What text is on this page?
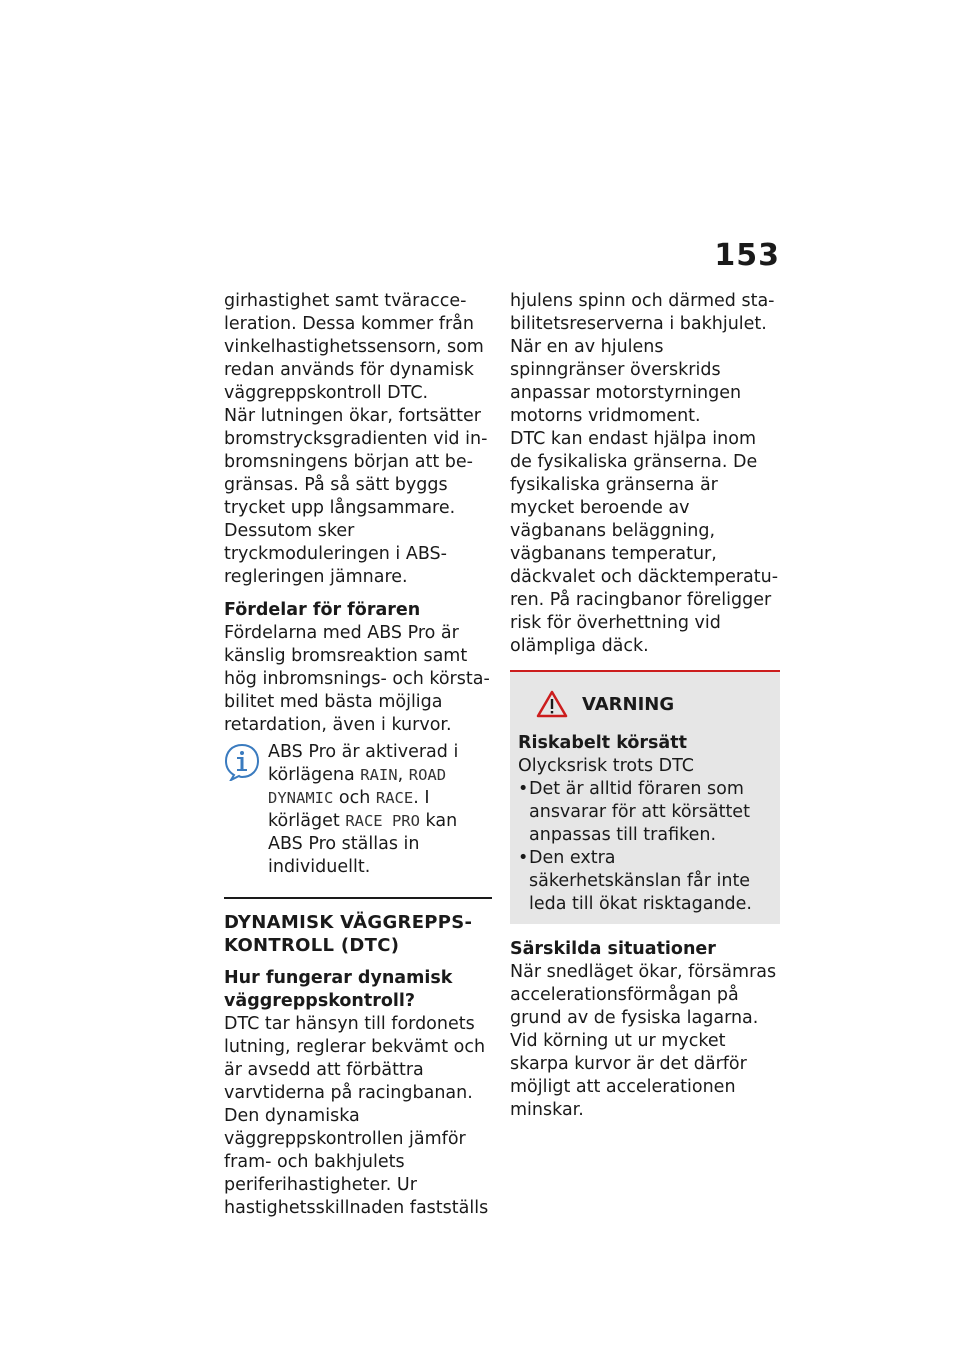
153

girhastighet samt tväracceleration. Dessa kommer från vinkelhastighetssensorn, som redan används för dynamisk väggreppskontroll DTC.

När lutningen ökar, fortsätter bromstrycksgradienten vid inbromsningens början att begränsas. På så sätt byggs trycket upp långsammare. Dessutom sker tryckmoduleringen i ABS-regleringen jämnare.

Fördelar för föraren

Fördelarna med ABS Pro är känslig bromsreaktion samt hög inbromsnings- och körstabilitet med bästa möjliga retardation, även i kurvor.

ABS Pro är aktiverad i körlägena RAIN, ROAD DYNAMIC och RACE. I körläget RACE PRO kan ABS Pro ställas in individuellt.

DYNAMISK VÄGGREPPSKONTROLL (DTC)

Hur fungerar dynamisk väggreppskontroll?

DTC tar hänsyn till fordonets lutning, reglerar bekvämt och är avsedd att förbättra varvtiderna på racingbanan.

Den dynamiska väggreppskontrollen jämför fram- och bakhjulets periferihastigheter. Ur hastighetsskillnaden fastställs

hjulens spinn och därmed stabilitetsreserverna i bakhjulet.

När en av hjulens spinngränser överskrids anpassar motorstyrningen motorns vridmoment.

DTC kan endast hjälpa inom de fysikaliska gränserna. De fysikaliska gränserna är mycket beroende av vägbanans beläggning, vägbanans temperatur, däckvalet och däcktemperaturen. På racingbanor föreligger risk för överhettning vid olämpliga däck.

VARNING

Riskabelt körsätt

Olycksrisk trots DTC

• Det är alltid föraren som ansvarar för att körsättet anpassas till trafiken.
• Den extra säkerhetskänslan får inte leda till ökat risktagande.

Särskilda situationer

När snedläget ökar, försämras accelerationsförmågan på grund av de fysiska lagarna. Vid körning ut ur mycket skarpa kurvor är det därför möjligt att accelerationen minskar.
